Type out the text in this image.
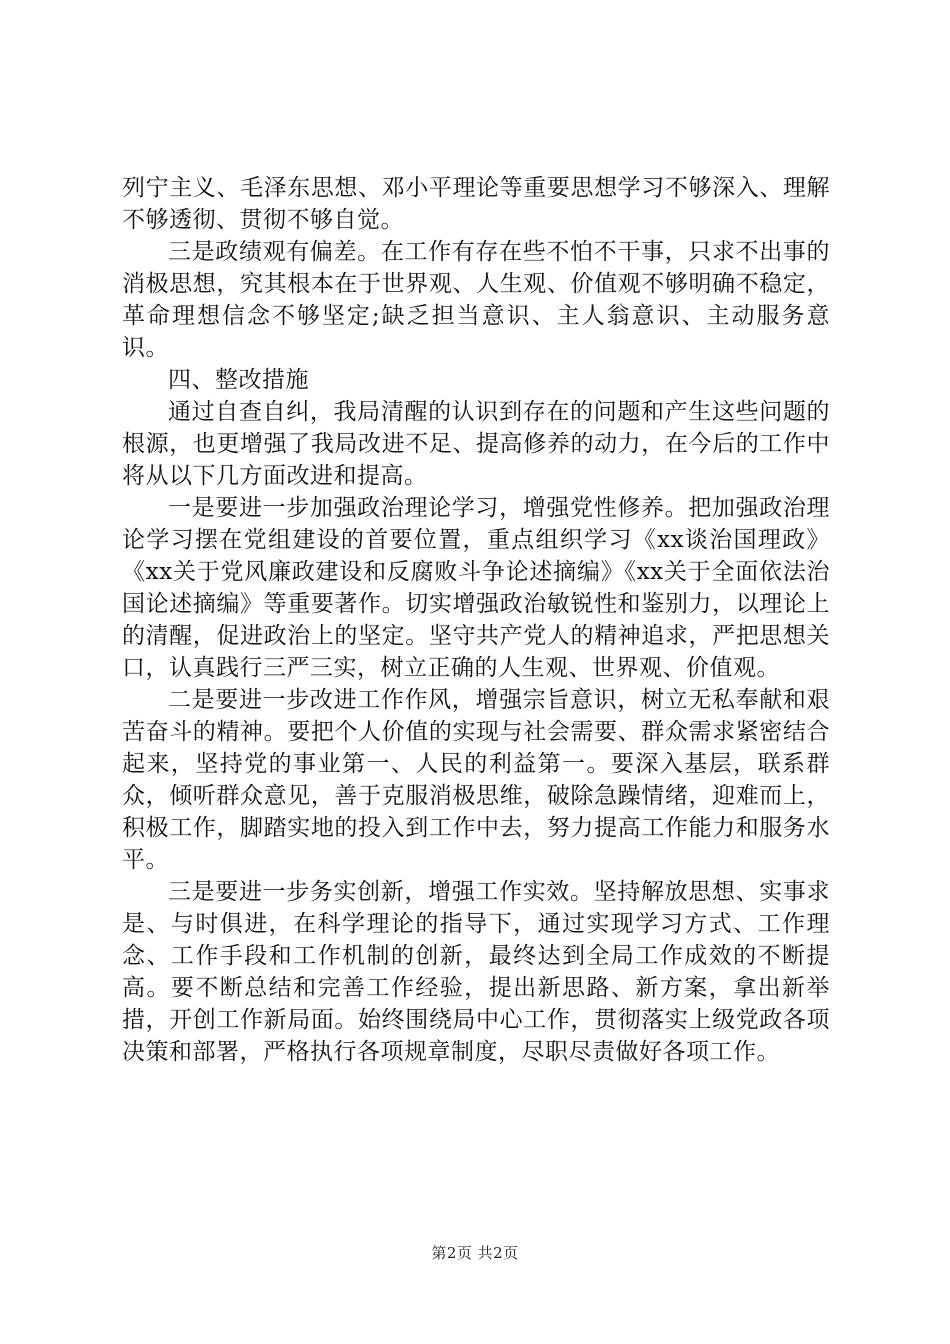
列宁主义、毛泽东思想、邓小平理论等重要思想学习不够深入、理解不够透彻、贯彻不够自觉。

三是政绩观有偏差。在工作有存在些不怕不干事，只求不出事的消极思想，究其根本在于世界观、人生观、价值观不够明确不稳定，革命理想信念不够坚定;缺乏担当意识、主人翁意识、主动服务意识。

四、整改措施

通过自查自纠，我局清醒的认识到存在的问题和产生这些问题的根源，也更增强了我局改进不足、提高修养的动力，在今后的工作中将从以下几方面改进和提高。

一是要进一步加强政治理论学习，增强党性修养。把加强政治理论学习摆在党组建设的首要位置，重点组织学习《xx谈治国理政》《xx关于党风廉政建设和反腐败斗争论述摘编》《xx关于全面依法治国论述摘编》等重要著作。切实增强政治敏锐性和鉴别力，以理论上的清醒，促进政治上的坚定。坚守共产党人的精神追求，严把思想关口，认真践行三严三实，树立正确的人生观、世界观、价值观。

二是要进一步改进工作作风，增强宗旨意识，树立无私奉献和艰苦奋斗的精神。要把个人价值的实现与社会需要、群众需求紧密结合起来，坚持党的事业第一、人民的利益第一。要深入基层，联系群众，倾听群众意见，善于克服消极思维，破除急躁情绪，迎难而上，积极工作，脚踏实地的投入到工作中去，努力提高工作能力和服务水平。

三是要进一步务实创新，增强工作实效。坚持解放思想、实事求是、与时俱进，在科学理论的指导下，通过实现学习方式、工作理念、工作手段和工作机制的创新，最终达到全局工作成效的不断提高。要不断总结和完善工作经验，提出新思路、新方案，拿出新举措，开创工作新局面。始终围绕局中心工作，贯彻落实上级党政各项决策和部署，严格执行各项规章制度，尽职尽责做好各项工作。

第2页 共2页
